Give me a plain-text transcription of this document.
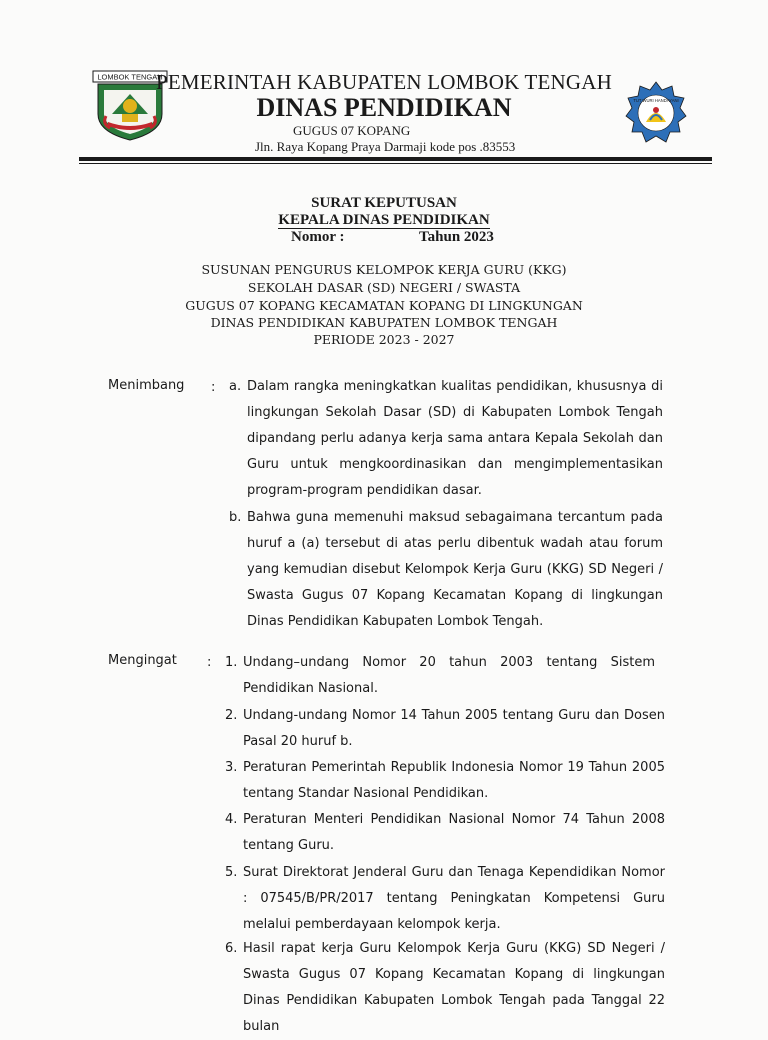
LOMBOK TENGAH
TUT WURI HANDAYANI
PEMERINTAH KABUPATEN LOMBOK TENGAH
DINAS PENDIDIKAN
GUGUS 07 KOPANG
Jln. Raya Kopang Praya Darmaji kode pos .83553
SURAT KEPUTUSAN
KEPALA DINAS PENDIDIKAN
Nomor :	Tahun 2023
SUSUNAN PENGURUS KELOMPOK KERJA GURU (KKG)
SEKOLAH DASAR (SD) NEGERI / SWASTA
GUGUS 07 KOPANG KECAMATAN KOPANG DI LINGKUNGAN
DINAS PENDIDIKAN KABUPATEN LOMBOK TENGAH
PERIODE 2023 - 2027
Menimbang : a. Dalam rangka meningkatkan kualitas pendidikan, khususnya di lingkungan Sekolah Dasar (SD) di Kabupaten Lombok Tengah dipandang perlu adanya kerja sama antara Kepala Sekolah dan Guru untuk mengkoordinasikan dan mengimplementasikan program-program pendidikan dasar.
b. Bahwa guna memenuhi maksud sebagaimana tercantum pada huruf a (a) tersebut di atas perlu dibentuk wadah atau forum yang kemudian disebut Kelompok Kerja Guru (KKG) SD Negeri / Swasta Gugus 07 Kopang Kecamatan Kopang di lingkungan Dinas Pendidikan Kabupaten Lombok Tengah.
Mengingat : 1. Undang–undang Nomor 20 tahun 2003 tentang Sistem Pendidikan Nasional.
2. Undang-undang Nomor 14 Tahun 2005 tentang Guru dan Dosen Pasal 20 huruf b.
3. Peraturan Pemerintah Republik Indonesia Nomor 19 Tahun 2005 tentang Standar Nasional Pendidikan.
4. Peraturan Menteri Pendidikan Nasional Nomor 74 Tahun 2008 tentang Guru.
5. Surat Direktorat Jenderal Guru dan Tenaga Kependidikan Nomor : 07545/B/PR/2017 tentang Peningkatan Kompetensi Guru melalui pemberdayaan kelompok kerja.
6. Hasil rapat kerja Guru Kelompok Kerja Guru (KKG) SD Negeri / Swasta Gugus 07 Kopang Kecamatan Kopang di lingkungan Dinas Pendidikan Kabupaten Lombok Tengah pada Tanggal 22 bulan
